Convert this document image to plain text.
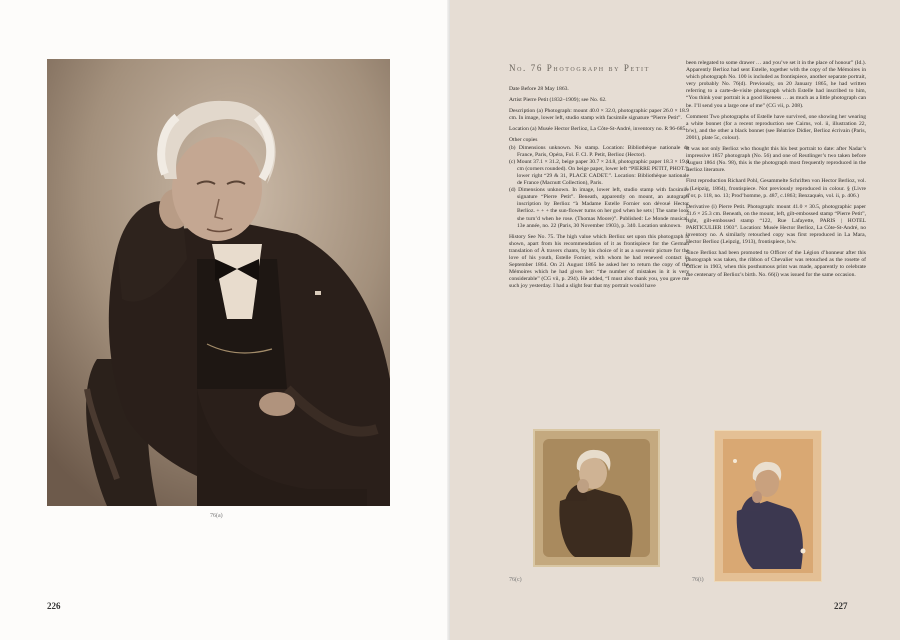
76(a)
226
No. 76 Photograph by Petit

Date Before 28 May 1863.

Artist Pierre Petit (1832–1909); see No. 62.

Description (a) Photograph: mount 40.0 × 32.0, photographic paper 26.0 × 18.9 cm. In image, lower left, studio stamp with facsimile signature “Pierre Petit”.

Location (a) Musée Hector Berlioz, La Côte-St-André, inventory no. R 96-685.

Other copies
(b) Dimensions unknown. No stamp. Location: Bibliothèque nationale de France, Paris, Opéra, Fol. F. Cl. P. Petit, Berlioz (Hector).
(c) Mount 37.1 × 31.2, beige paper 30.7 × 24.8, photographic paper 18.3 × 19.0 cm (corners rounded). On beige paper, lower left “PIERRE PETIT, PHOT.”, lower right “29 & 31, PLACE CADET.”. Location: Bibliothèque nationale de France (Macnutt Collection), Paris.
(d) Dimensions unknown. In image, lower left, studio stamp with facsimile signature “Pierre Petit”. Beneath, apparently on mount, an autograph inscription by Berlioz “à Madame Estelle Fornier son dévoué Hector Berlioz. + + + the sun-flower turns on her god when he sets | The same look she turn’d when he rose. (Thomas Moore)”. Published: Le Monde musical, 13e année, no. 22 (Paris, 30 November 1903), p. 340. Location unknown.

History See No. 75. The high value which Berlioz set upon this photograph is shown, apart from his recommendation of it as frontispiece for the German translation of À travers chants, by his choice of it as a souvenir picture for the love of his youth, Estelle Fornier, with whom he had renewed contact in September 1864. On 21 August 1865 he asked her to return the copy of the Mémoires which he had given her: “the number of mistakes in it is very considerable” (CG vii, p. 294). He added, “I must also thank you, you gave me such joy yesterday. I had a slight fear that my portrait would have

been relegated to some drawer … and you’ve set it in the place of honour” (Id.). Apparently Berlioz had sent Estelle, together with the copy of the Mémoires in which photograph No. 100 is included as frontispiece, another separate portrait, very probably No. 76(d). Previously, on 20 January 1865, he had written referring to a carte-de-visite photograph which Estelle had inscribed to him, “You think your portrait is a good likeness … as much as a little photograph can be. I’ll send you a large one of me” (CG vii, p. 208).

Comment Two photographs of Estelle have survived, one showing her wearing a white bonnet (for a recent reproduction see Cairns, vol. ii, illustration 22, b/w), and the other a black bonnet (see Béatrice Didier, Berlioz écrivain (Paris, 2001), plate 5c, colour).

It was not only Berlioz who thought this his best portrait to date: after Nadar’s impressive 1857 photograph (No. 56) and one of Reutlinger’s two taken before August 1864 (No. 98), this is the photograph most frequently reproduced in the Berlioz literature.

First reproduction Richard Pohl, Gesammelte Schriften von Hector Berlioz, vol. i (Leipzig, 1864), frontispiece. Not previously reproduced in colour. § (Livre d’or, p. 118, no. 13; Prod’homme, p. 487, c.1863; Benzaquén, vol. ii, p. 406.)

Derivative (i) Pierre Petit. Photograph: mount 41.0 × 30.5, photographic paper 31.6 × 25.3 cm. Beneath, on the mount, left, gilt-embossed stamp “Pierre Petit”, right, gilt-embossed stamp “122, Rue Lafayette, PARIS | HOTEL PARTICULIER 1903”. Location: Musée Hector Berlioz, La Côte-St-André, no inventory no. A similarly retouched copy was first reproduced in La Mara, Hector Berlioz (Leipzig, 1913), frontispiece, b/w.

Since Berlioz had been promoted to Officer of the Légion d’honneur after this photograph was taken, the ribbon of Chevalier was retouched as the rosette of Officer in 1903, when this posthumous print was made, apparently to celebrate the centenary of Berlioz’s birth. No. 66(i) was issued for the same occasion.

76(c)	76(i)
227
